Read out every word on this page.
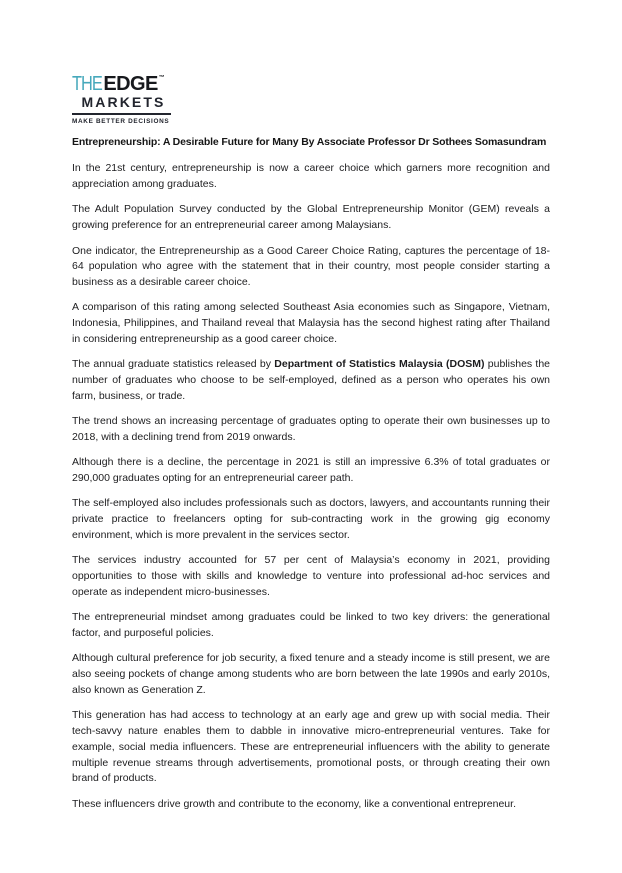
THE EDGE ™
MARKETS
MAKE BETTER DECISIONS
Entrepreneurship: A Desirable Future for Many By Associate Professor Dr Sothees Somasundram

In the 21st century, entrepreneurship is now a career choice which garners more recognition and appreciation among graduates.

The Adult Population Survey conducted by the Global Entrepreneurship Monitor (GEM) reveals a growing preference for an entrepreneurial career among Malaysians.

One indicator, the Entrepreneurship as a Good Career Choice Rating, captures the percentage of 18-64 population who agree with the statement that in their country, most people consider starting a business as a desirable career choice.

A comparison of this rating among selected Southeast Asia economies such as Singapore, Vietnam, Indonesia, Philippines, and Thailand reveal that Malaysia has the second highest rating after Thailand in considering entrepreneurship as a good career choice.

The annual graduate statistics released by Department of Statistics Malaysia (DOSM) publishes the number of graduates who choose to be self-employed, defined as a person who operates his own farm, business, or trade.

The trend shows an increasing percentage of graduates opting to operate their own businesses up to 2018, with a declining trend from 2019 onwards.

Although there is a decline, the percentage in 2021 is still an impressive 6.3% of total graduates or 290,000 graduates opting for an entrepreneurial career path.

The self-employed also includes professionals such as doctors, lawyers, and accountants running their private practice to freelancers opting for sub-contracting work in the growing gig economy environment, which is more prevalent in the services sector.

The services industry accounted for 57 per cent of Malaysia’s economy in 2021, providing opportunities to those with skills and knowledge to venture into professional ad-hoc services and operate as independent micro-businesses.

The entrepreneurial mindset among graduates could be linked to two key drivers: the generational factor, and purposeful policies.

Although cultural preference for job security, a fixed tenure and a steady income is still present, we are also seeing pockets of change among students who are born between the late 1990s and early 2010s, also known as Generation Z.

This generation has had access to technology at an early age and grew up with social media. Their tech-savvy nature enables them to dabble in innovative micro-entrepreneurial ventures. Take for example, social media influencers. These are entrepreneurial influencers with the ability to generate multiple revenue streams through advertisements, promotional posts, or through creating their own brand of products.

These influencers drive growth and contribute to the economy, like a conventional entrepreneur.
